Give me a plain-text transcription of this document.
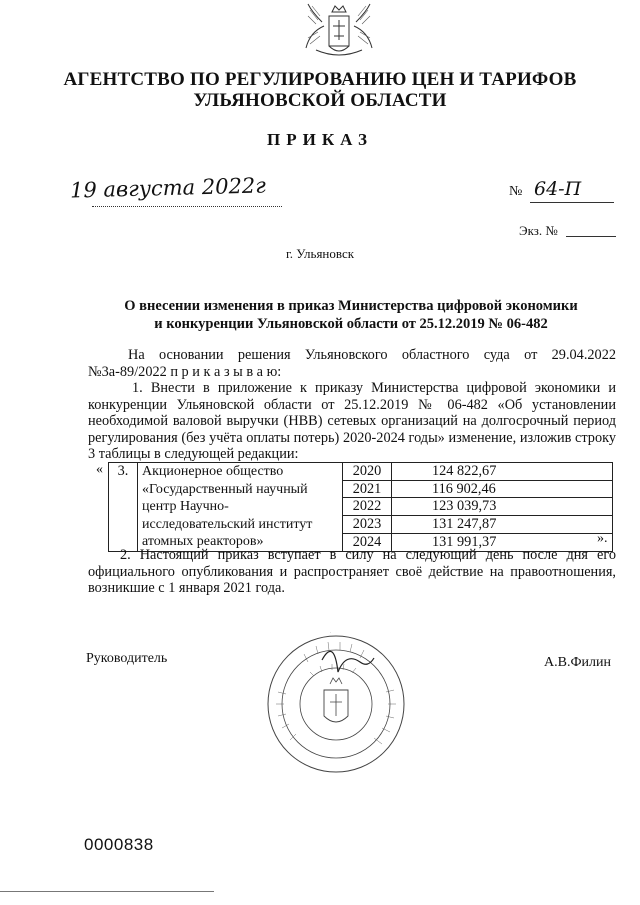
АГЕНТСТВО ПО РЕГУЛИРОВАНИЮ ЦЕН И ТАРИФОВ
УЛЬЯНОВСКОЙ ОБЛАСТИ
ПРИКАЗ
19 августа 2022г	№ 64-П
Экз. №
г. Ульяновск
О внесении изменения в приказ Министерства цифровой экономики
и конкуренции Ульяновской области от 25.12.2019 № 06-482
На основании решения Ульяновского областного суда от 29.04.2022 №3а-89/2022 п р и к а з ы в а ю:
1. Внести в приложение к приказу Министерства цифровой экономики и конкуренции Ульяновской области от 25.12.2019 № 06-482 «Об установлении необходимой валовой выручки (НВВ) сетевых организаций на долгосрочный период регулирования (без учёта оплаты потерь) 2020-2024 годы» изменение, изложив строку 3 таблицы в следующей редакции:
« 3.	Акционерное общество «Государственный научный центр Научно-исследовательский институт атомных реакторов»	2020	124 822,67
		2021	116 902,46
		2022	123 039,73
		2023	131 247,87
		2024	131 991,37	».
2. Настоящий приказ вступает в силу на следующий день после дня его официального опубликования и распространяет своё действие на правоотношения, возникшие с 1 января 2021 года.
Руководитель	А.В.Филин
0000838
